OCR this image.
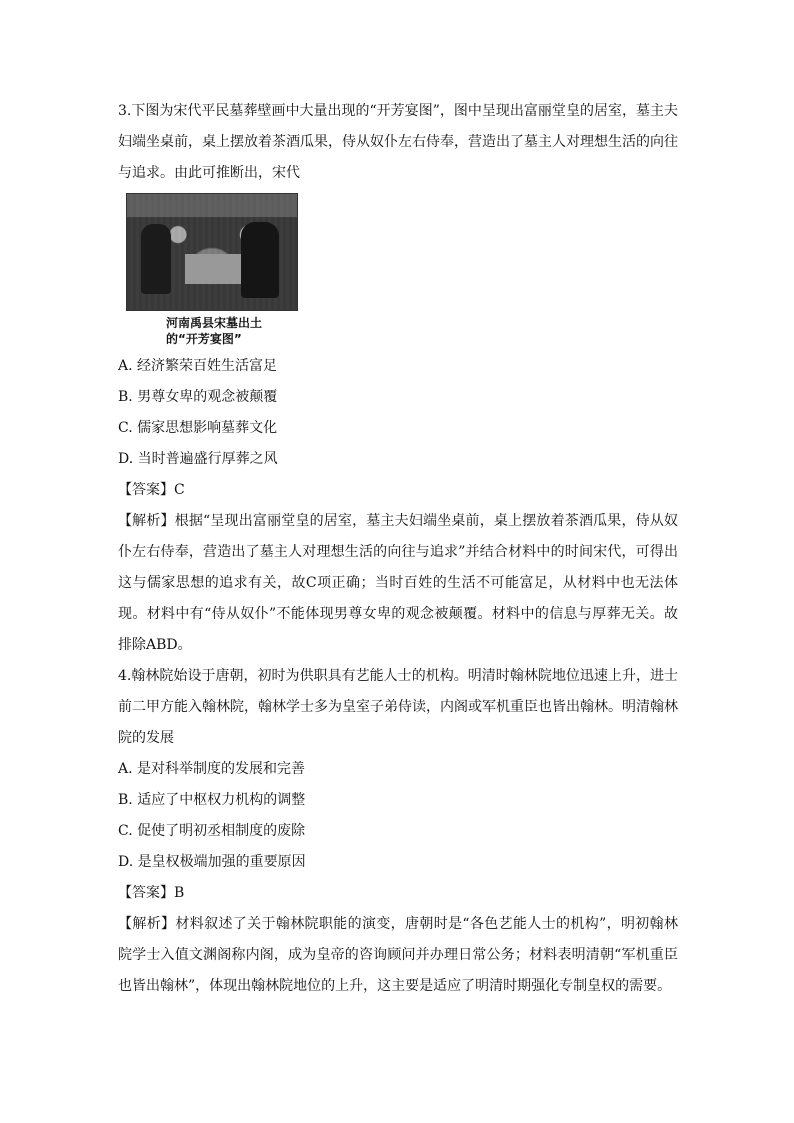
3.下图为宋代平民墓葬壁画中大量出现的“开芳宴图”，图中呈现出富丽堂皇的居室，墓主夫妇端坐桌前，桌上摆放着茶酒瓜果，侍从奴仆左右侍奉，营造出了墓主人对理想生活的向往与追求。由此可推断出，宋代

河南禹县宋墓出土
的“开芳宴图”

A. 经济繁荣百姓生活富足

B. 男尊女卑的观念被颠覆

C. 儒家思想影响墓葬文化

D. 当时普遍盛行厚葬之风

【答案】C

【解析】根据“呈现出富丽堂皇的居室，墓主夫妇端坐桌前，桌上摆放着茶酒瓜果，侍从奴仆左右侍奉，营造出了墓主人对理想生活的向往与追求”并结合材料中的时间宋代，可得出这与儒家思想的追求有关，故C项正确；当时百姓的生活不可能富足，从材料中也无法体现。材料中有“侍从奴仆”不能体现男尊女卑的观念被颠覆。材料中的信息与厚葬无关。故排除ABD。

4.翰林院始设于唐朝，初时为供职具有艺能人士的机构。明清时翰林院地位迅速上升，进士前二甲方能入翰林院，翰林学士多为皇室子弟侍读，内阁或军机重臣也皆出翰林。明清翰林院的发展

A. 是对科举制度的发展和完善

B. 适应了中枢权力机构的调整

C. 促使了明初丞相制度的废除

D. 是皇权极端加强的重要原因

【答案】B

【解析】材料叙述了关于翰林院职能的演变，唐朝时是“各色艺能人士的机构”，明初翰林院学士入值文渊阁称内阁，成为皇帝的咨询顾问并办理日常公务；材料表明清朝“军机重臣也皆出翰林”，体现出翰林院地位的上升，这主要是适应了明清时期强化专制皇权的需要。
